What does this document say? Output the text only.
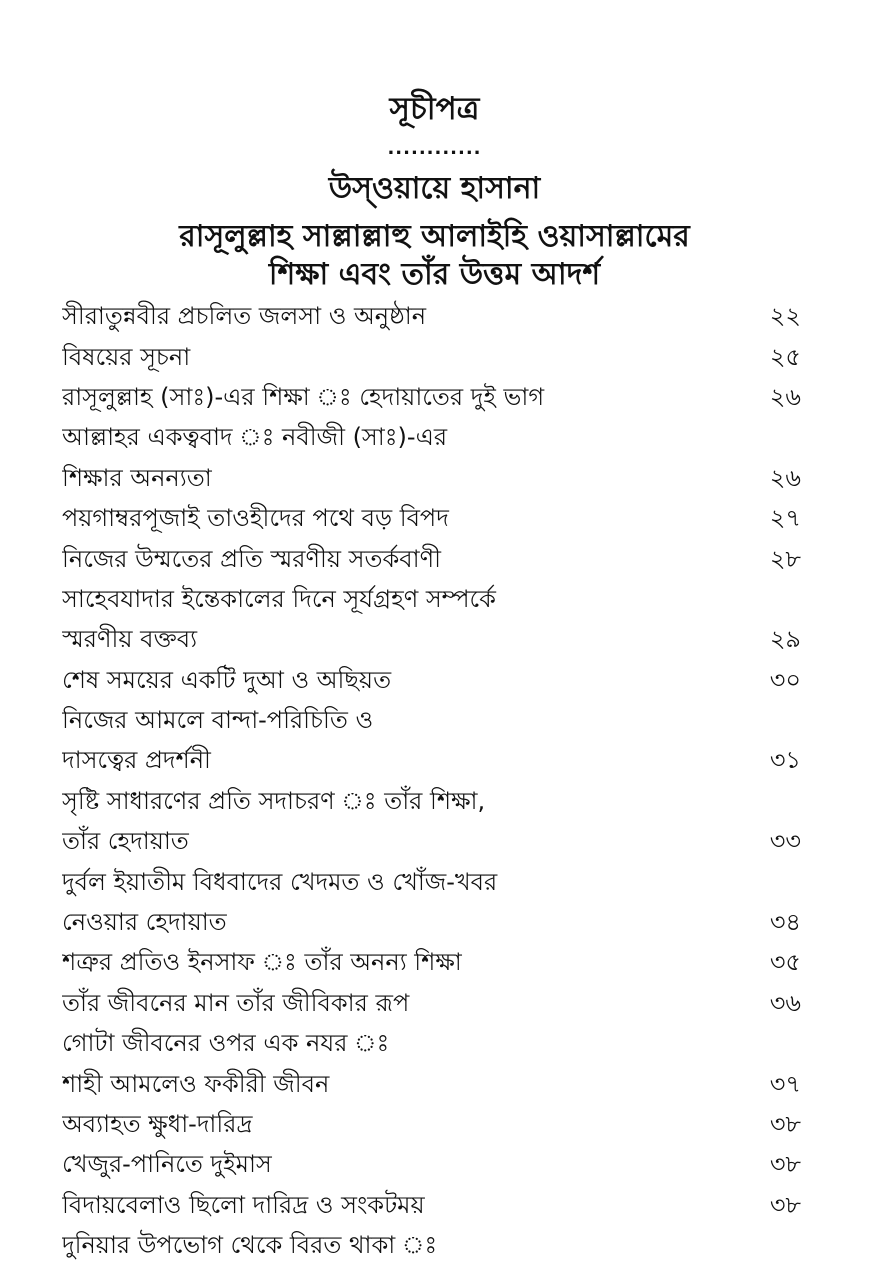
সূচীপত্র
............
উস্‌ওয়ায়ে হাসানা
রাসূলুল্লাহ সাল্লাল্লাহু আলাইহি ওয়াসাল্লামের
শিক্ষা এবং তাঁর উত্তম আদর্শ
সীরাতুন্নবীর প্রচলিত জলসা ও অনুষ্ঠান	২২
বিষয়ের সূচনা	২৫
রাসূলুল্লাহ (সাঃ)-এর শিক্ষা ঃ হেদায়াতের দুই ভাগ	২৬
আল্লাহর একত্ববাদ ঃ নবীজী (সাঃ)-এর
শিক্ষার অনন্যতা	২৬
পয়গাম্বরপূজাই তাওহীদের পথে বড় বিপদ	২৭
নিজের উম্মতের প্রতি স্মরণীয় সতর্কবাণী	২৮
সাহেবযাদার ইন্তেকালের দিনে সূর্যগ্রহণ সম্পর্কে
স্মরণীয় বক্তব্য	২৯
শেষ সময়ের একটি দুআ ও অছিয়ত	৩০
নিজের আমলে বান্দা-পরিচিতি ও
দাসত্বের প্রদর্শনী	৩১
সৃষ্টি সাধারণের প্রতি সদাচরণ ঃ তাঁর শিক্ষা,
তাঁর হেদায়াত	৩৩
দুর্বল ইয়াতীম বিধবাদের খেদমত ও খোঁজ-খবর
নেওয়ার হেদায়াত	৩৪
শত্রুর প্রতিও ইনসাফ ঃ তাঁর অনন্য শিক্ষা	৩৫
তাঁর জীবনের মান তাঁর জীবিকার রূপ	৩৬
গোটা জীবনের ওপর এক নযর ঃ
শাহী আমলেও ফকীরী জীবন	৩৭
অব্যাহত ক্ষুধা-দারিদ্র	৩৮
খেজুর-পানিতে দুইমাস	৩৮
বিদায়বেলাও ছিলো দারিদ্র ও সংকটময়	৩৮
দুনিয়ার উপভোগ থেকে বিরত থাকা ঃ
